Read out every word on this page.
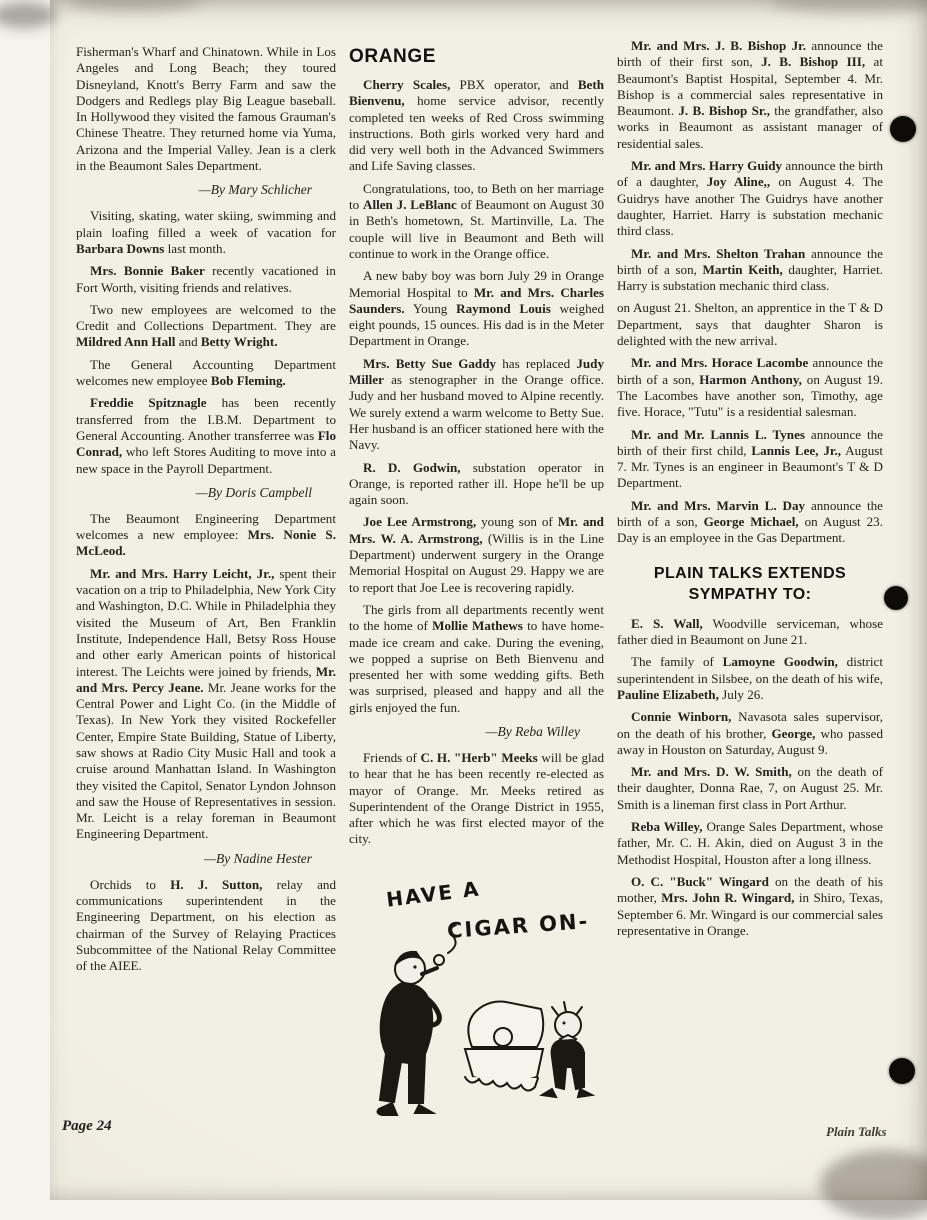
Fisherman's Wharf and Chinatown. While in Los Angeles and Long Beach; they toured Disneyland, Knott's Berry Farm and saw the Dodgers and Redlegs play Big League baseball. In Hollywood they visited the famous Grauman's Chinese Theatre. They returned home via Yuma, Arizona and the Imperial Valley. Jean is a clerk in the Beaumont Sales Department.
—By Mary Schlicher
Visiting, skating, water skiing, swimming and plain loafing filled a week of vacation for Barbara Downs last month.
Mrs. Bonnie Baker recently vacationed in Fort Worth, visiting friends and relatives.
Two new employees are welcomed to the Credit and Collections Department. They are Mildred Ann Hall and Betty Wright.
The General Accounting Department welcomes new employee Bob Fleming.
Freddie Spitznagle has been recently transferred from the I.B.M. Department to General Accounting. Another transferree was Flo Conrad, who left Stores Auditing to move into a new space in the Payroll Department.
—By Doris Campbell
The Beaumont Engineering Department welcomes a new employee: Mrs. Nonie S. McLeod.
Mr. and Mrs. Harry Leicht, Jr., spent their vacation on a trip to Philadelphia, New York City and Washington, D.C. While in Philadelphia they visited the Museum of Art, Ben Franklin Institute, Independence Hall, Betsy Ross House and other early American points of historical interest. The Leichts were joined by friends, Mr. and Mrs. Percy Jeane. Mr. Jeane works for the Central Power and Light Co. (in the Middle of Texas). In New York they visited Rockefeller Center, Empire State Building, Statue of Liberty, saw shows at Radio City Music Hall and took a cruise around Manhattan Island. In Washington they visited the Capitol, Senator Lyndon Johnson and saw the House of Representatives in session. Mr. Leicht is a relay foreman in Beaumont Engineering Department.
—By Nadine Hester
Orchids to H. J. Sutton, relay and communications superintendent in the Engineering Department, on his election as chairman of the Survey of Relaying Practices Subcommittee of the National Relay Committee of the AIEE.
ORANGE
Cherry Scales, PBX operator, and Beth Bienvenu, home service advisor, recently completed ten weeks of Red Cross swimming instructions. Both girls worked very hard and did very well both in the Advanced Swimmers and Life Saving classes.
Congratulations, too, to Beth on her marriage to Allen J. LeBlanc of Beaumont on August 30 in Beth's hometown, St. Martinville, La. The couple will live in Beaumont and Beth will continue to work in the Orange office.
A new baby boy was born July 29 in Orange Memorial Hospital to Mr. and Mrs. Charles Saunders. Young Raymond Louis weighed eight pounds, 15 ounces. His dad is in the Meter Department in Orange.
Mrs. Betty Sue Gaddy has replaced Judy Miller as stenographer in the Orange office. Judy and her husband moved to Alpine recently. We surely extend a warm welcome to Betty Sue. Her husband is an officer stationed here with the Navy.
R. D. Godwin, substation operator in Orange, is reported rather ill. Hope he'll be up again soon.
Joe Lee Armstrong, young son of Mr. and Mrs. W. A. Armstrong, (Willis is in the Line Department) underwent surgery in the Orange Memorial Hospital on August 29. Happy we are to report that Joe Lee is recovering rapidly.
The girls from all departments recently went to the home of Mollie Mathews to have home-made ice cream and cake. During the evening, we popped a suprise on Beth Bienvenu and presented her with some wedding gifts. Beth was surprised, pleased and happy and all the girls enjoyed the fun.
—By Reba Willey
Friends of C. H. "Herb" Meeks will be glad to hear that he has been recently re-elected as mayor of Orange. Mr. Meeks retired as Superintendent of the Orange District in 1955, after which he was first elected mayor of the city.
Mr. and Mrs. J. B. Bishop Jr. announce the birth of their first son, J. B. Bishop III, at Beaumont's Baptist Hospital, September 4. Mr. Bishop is a commercial sales representative in Beaumont. J. B. Bishop Sr., the grandfather, also works in Beaumont as assistant manager of residential sales.
Mr. and Mrs. Harry Guidy announce the birth of a daughter, Joy Aline,, on August 4. The Guidrys have another The Guidrys have another daughter, Harriet. Harry is substation mechanic third class.
Mr. and Mrs. Shelton Trahan announce the birth of a son, Martin Keith, daughter, Harriet. Harry is substation mechanic third class.
on August 21. Shelton, an apprentice in the T & D Department, says that daughter Sharon is delighted with the new arrival.
Mr. and Mrs. Horace Lacombe announce the birth of a son, Harmon Anthony, on August 19. The Lacombes have another son, Timothy, age five. Horace, "Tutu" is a residential salesman.
Mr. and Mr. Lannis L. Tynes announce the birth of their first child, Lannis Lee, Jr., August 7. Mr. Tynes is an engineer in Beaumont's T & D Department.
Mr. and Mrs. Marvin L. Day announce the birth of a son, George Michael, on August 23. Day is an employee in the Gas Department.
PLAIN TALKS EXTENDS SYMPATHY TO:
E. S. Wall, Woodville serviceman, whose father died in Beaumont on June 21.
The family of Lamoyne Goodwin, district superintendent in Silsbee, on the death of his wife, Pauline Elizabeth, July 26.
Connie Winborn, Navasota sales supervisor, on the death of his brother, George, who passed away in Houston on Saturday, August 9.
Mr. and Mrs. D. W. Smith, on the death of their daughter, Donna Rae, 7, on August 25. Mr. Smith is a lineman first class in Port Arthur.
Reba Willey, Orange Sales Department, whose father, Mr. C. H. Akin, died on August 3 in the Methodist Hospital, Houston after a long illness.
O. C. "Buck" Wingard on the death of his mother, Mrs. John R. Wingard, in Shiro, Texas, September 6. Mr. Wingard is our commercial sales representative in Orange.
HAVE A
CIGAR ON-
Page 24	Plain Talks
